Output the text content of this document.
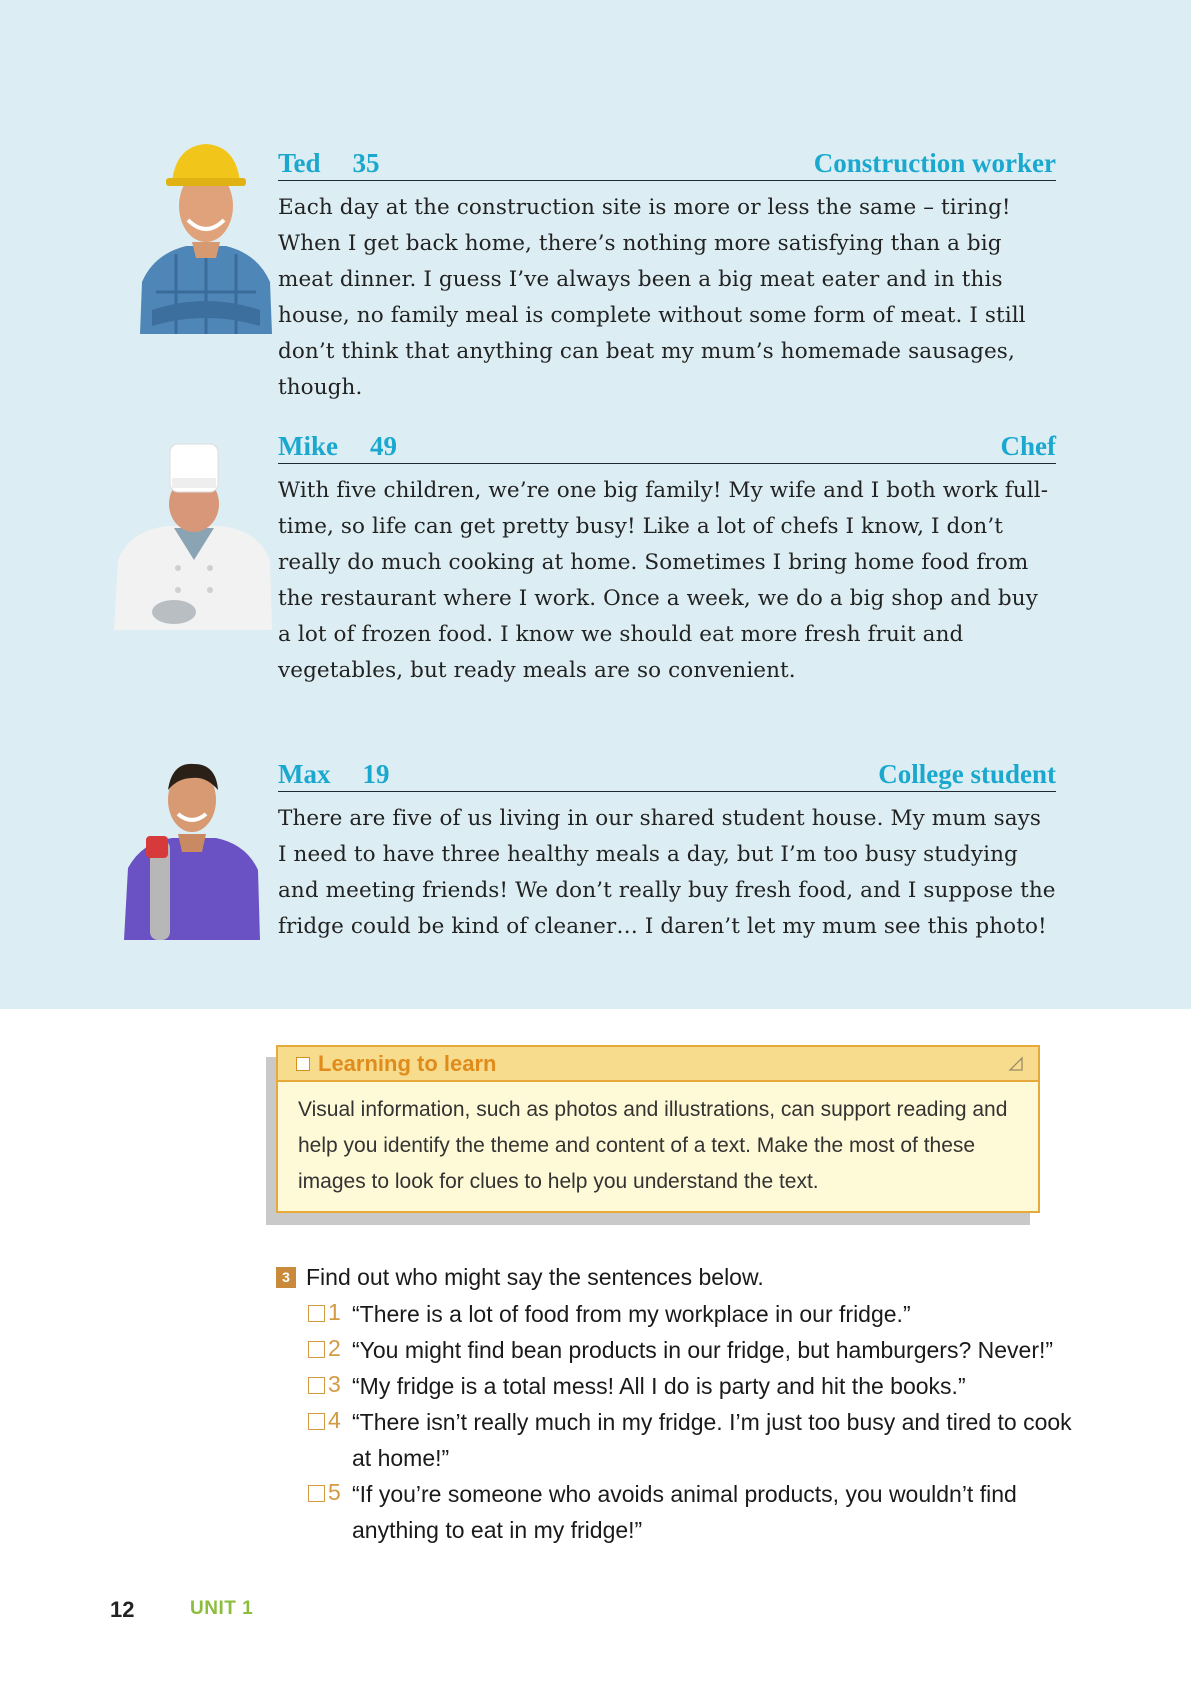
Ted 35	Construction worker

Each day at the construction site is more or less the same – tiring! When I get back home, there’s nothing more satisfying than a big meat dinner. I guess I’ve always been a big meat eater and in this house, no family meal is complete without some form of meat. I still don’t think that anything can beat my mum’s homemade sausages, though.

Mike 49	Chef

With five children, we’re one big family! My wife and I both work full-time, so life can get pretty busy! Like a lot of chefs I know, I don’t really do much cooking at home. Sometimes I bring home food from the restaurant where I work. Once a week, we do a big shop and buy a lot of frozen food. I know we should eat more fresh fruit and vegetables, but ready meals are so convenient.

Max 19	College student

There are five of us living in our shared student house. My mum says I need to have three healthy meals a day, but I’m too busy studying and meeting friends! We don’t really buy fresh food, and I suppose the fridge could be kind of cleaner… I daren’t let my mum see this photo!

Learning to learn

Visual information, such as photos and illustrations, can support reading and help you identify the theme and content of a text. Make the most of these images to look for clues to help you understand the text.

3 Find out who might say the sentences below.
1 “There is a lot of food from my workplace in our fridge.”
2 “You might find bean products in our fridge, but hamburgers? Never!”
3 “My fridge is a total mess! All I do is party and hit the books.”
4 “There isn’t really much in my fridge. I’m just too busy and tired to cook at home!”
5 “If you’re someone who avoids animal products, you wouldn’t find anything to eat in my fridge!”
12	UNIT 1
